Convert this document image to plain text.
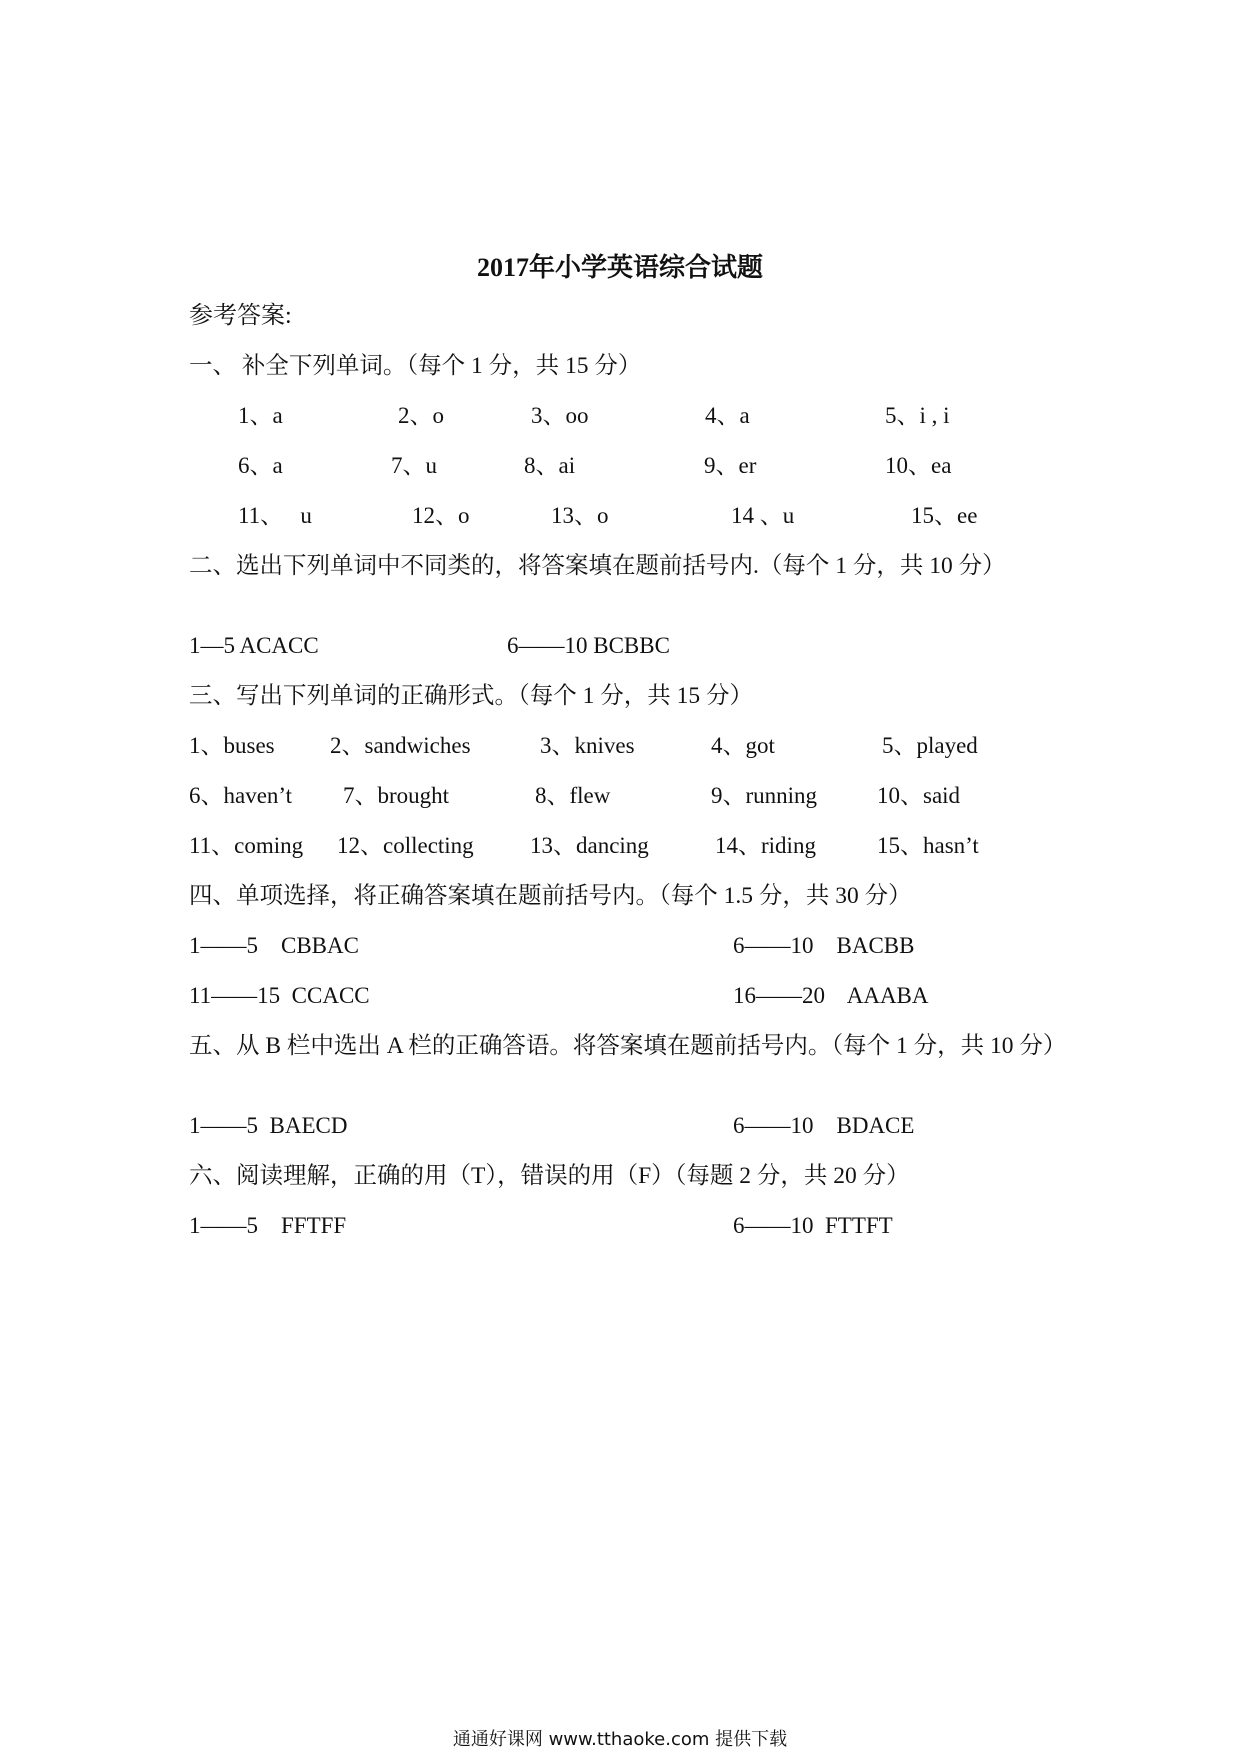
2017年小学英语综合试题
参考答案:
一、 补全下列单词。（每个 1 分，共 15 分）
1、a	2、o	3、oo	4、a	5、i , i
6、a	7、u	8、ai	9、er	10、ea
11、   u	12、o	13、o	14 、u	15、ee
二、选出下列单词中不同类的，将答案填在题前括号内.（每个 1 分，共 10 分）
1—5 ACACC	6——10 BCBBC
三、写出下列单词的正确形式。（每个 1 分，共 15 分）
1、buses 2、sandwiches	3、knives	4、got	5、played
6、haven’t 7、brought	8、flew	9、running	10、said
11、coming 12、collecting 13、dancing	14、riding	15、hasn’t
四、单项选择，将正确答案填在题前括号内。（每个 1.5 分，共 30 分）
1——5    CBBAC	6——10    BACBB
11——15  CCACC	16——20    AAABA
五、从 B 栏中选出 A 栏的正确答语。将答案填在题前括号内。（每个 1 分，共 10 分）
1——5  BAECD	6——10    BDACE
六、阅读理解，正确的用（T），错误的用（F）（每题 2 分，共 20 分）
1——5    FFTFF	6——10  FTTFT
通通好课网 www.tthaoke.com 提供下载
